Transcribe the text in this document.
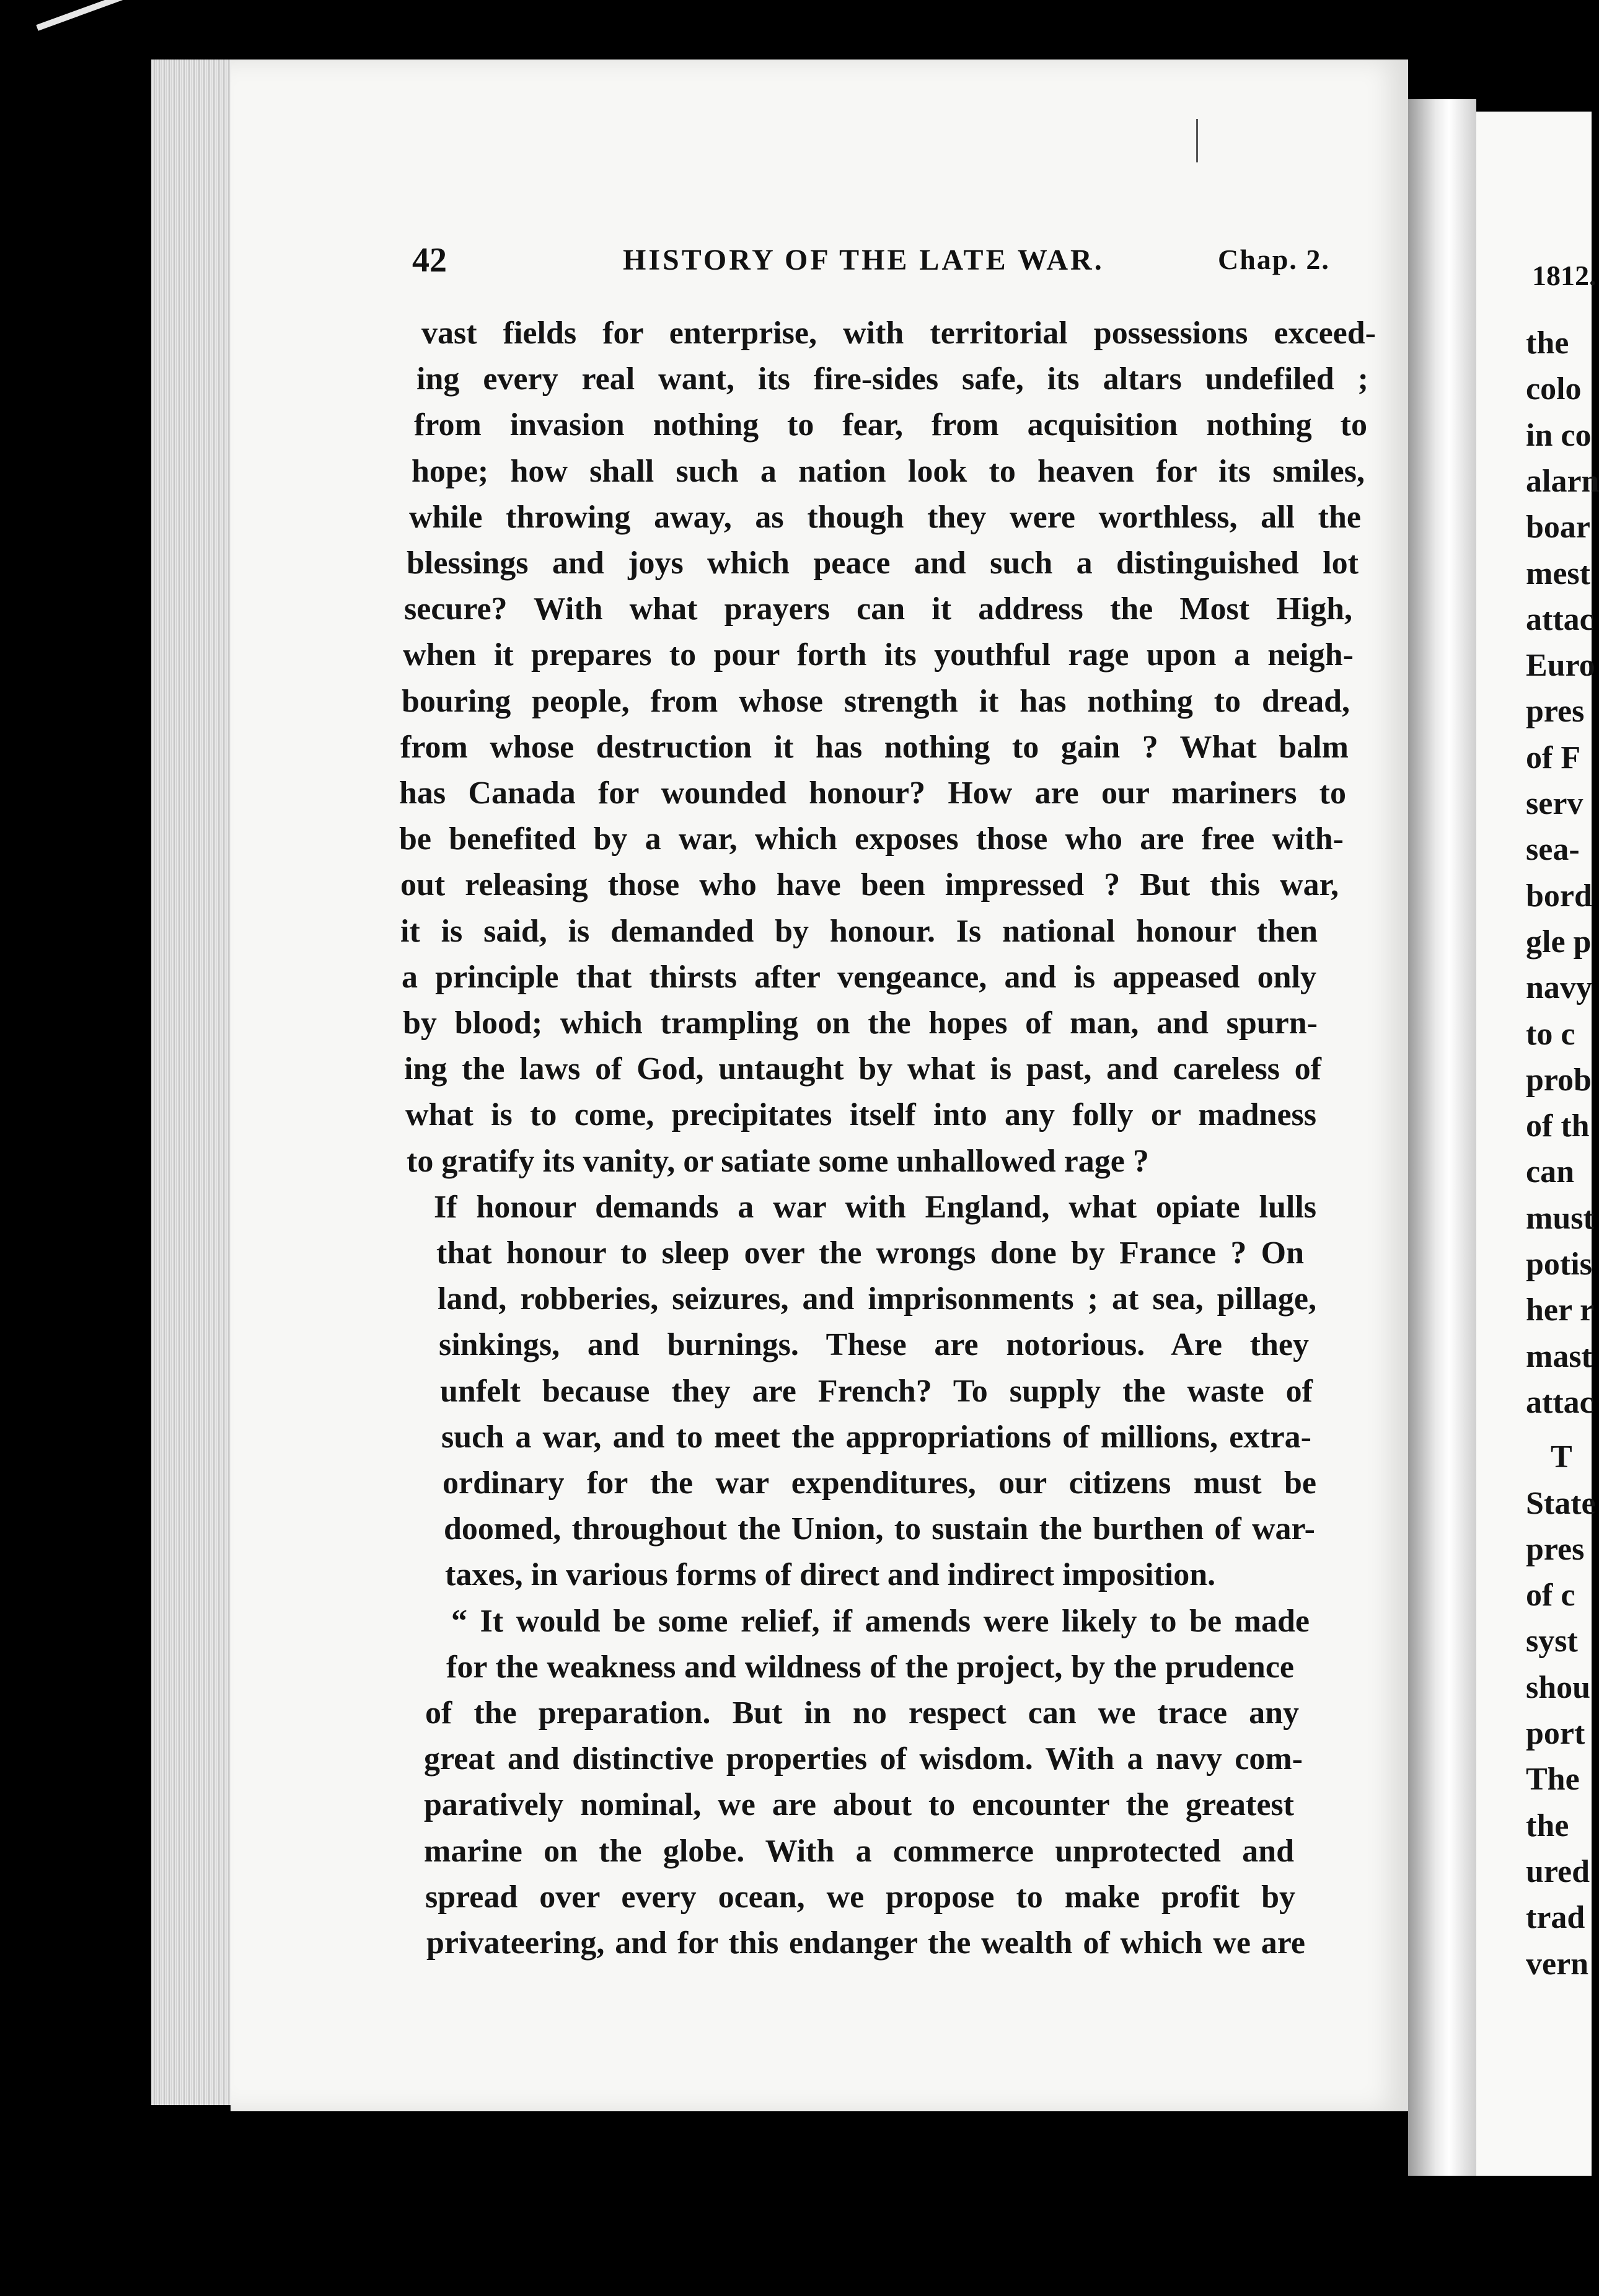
1812.
the
colo
in co
alarn
boar
mest
attac
Euro
pres
of F
serv
sea-
bord
gle p
navy
to c
prob
of th
can
must
potis
her r
mast
attac
T
State
pres
of c
syst
shou
port
The
the
ured
trad
vern
42	HISTORY OF THE LATE WAR.	Chap. 2.
vast fields for enterprise, with territorial possessions exceed-
ing every real want, its fire-sides safe, its altars undefiled ;
from invasion nothing to fear, from acquisition nothing to
hope; how shall such a nation look to heaven for its smiles,
while throwing away, as though they were worthless, all the
blessings and joys which peace and such a distinguished lot
secure? With what prayers can it address the Most High,
when it prepares to pour forth its youthful rage upon a neigh-
bouring people, from whose strength it has nothing to dread,
from whose destruction it has nothing to gain ? What balm
has Canada for wounded honour? How are our mariners to
be benefited by a war, which exposes those who are free with-
out releasing those who have been impressed ? But this war,
it is said, is demanded by honour. Is national honour then
a principle that thirsts after vengeance, and is appeased only
by blood; which trampling on the hopes of man, and spurn-
ing the laws of God, untaught by what is past, and careless of
what is to come, precipitates itself into any folly or madness
to gratify its vanity, or satiate some unhallowed rage ?
If honour demands a war with England, what opiate lulls
that honour to sleep over the wrongs done by France ? On
land, robberies, seizures, and imprisonments ; at sea, pillage,
sinkings, and burnings. These are notorious. Are they
unfelt because they are French? To supply the waste of
such a war, and to meet the appropriations of millions, extra-
ordinary for the war expenditures, our citizens must be
doomed, throughout the Union, to sustain the burthen of war-
taxes, in various forms of direct and indirect imposition.
“ It would be some relief, if amends were likely to be made
for the weakness and wildness of the project, by the prudence
of the preparation. But in no respect can we trace any
great and distinctive properties of wisdom. With a navy com-
paratively nominal, we are about to encounter the greatest
marine on the globe. With a commerce unprotected and
spread over every ocean, we propose to make profit by
privateering, and for this endanger the wealth of which we are
